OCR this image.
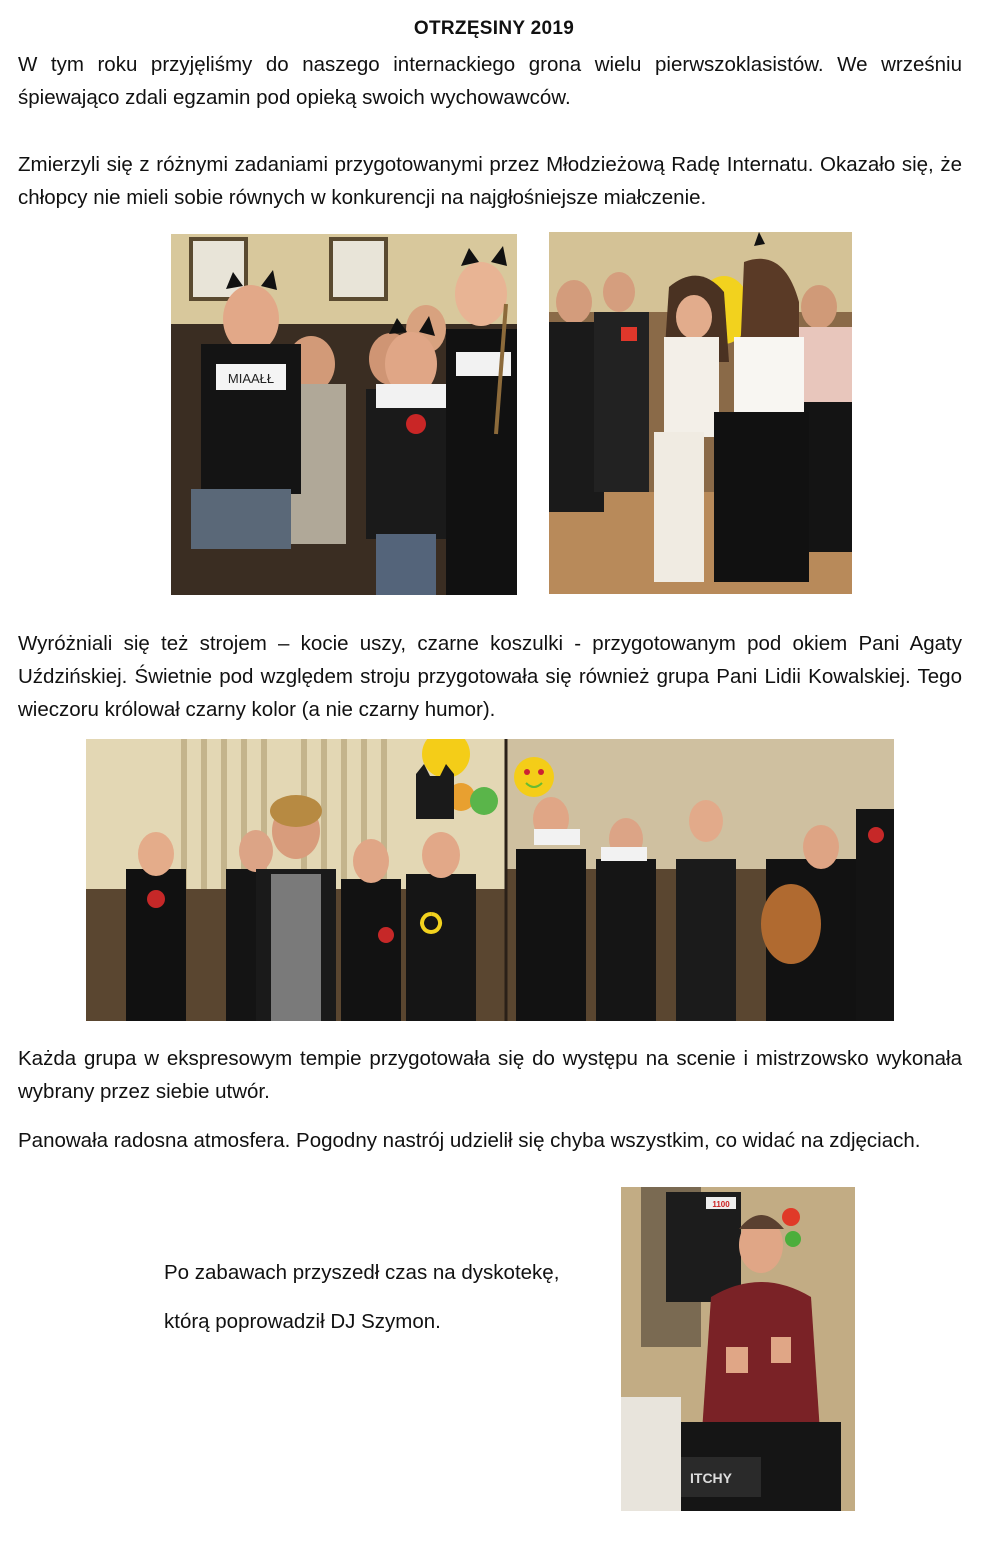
OTRZĘSINY 2019

W tym roku przyjęliśmy do naszego internackiego grona wielu pierwszoklasistów. We wrześniu śpiewająco zdali egzamin pod opieką swoich wychowawców.

Zmierzyli się z różnymi zadaniami przygotowanymi przez Młodzieżową Radę Internatu. Okazało się, że chłopcy nie mieli sobie równych w konkurencji na najgłośniejsze miałczenie.

MIAAŁŁ

Wyróżniali się też strojem – kocie uszy, czarne koszulki - przygotowanym pod okiem Pani Agaty Uździńskiej. Świetnie pod względem stroju przygotowała się również grupa Pani Lidii Kowalskiej. Tego wieczoru królował czarny kolor (a nie czarny humor).

Każda grupa w ekspresowym tempie przygotowała się do występu na scenie i mistrzowsko wykonała wybrany przez siebie utwór.

Panowała radosna atmosfera. Pogodny nastrój udzielił się chyba wszystkim, co widać na zdjęciach.

Po zabawach przyszedł czas na dyskotekę,
którą poprowadził DJ Szymon.
1100
ITCHY
